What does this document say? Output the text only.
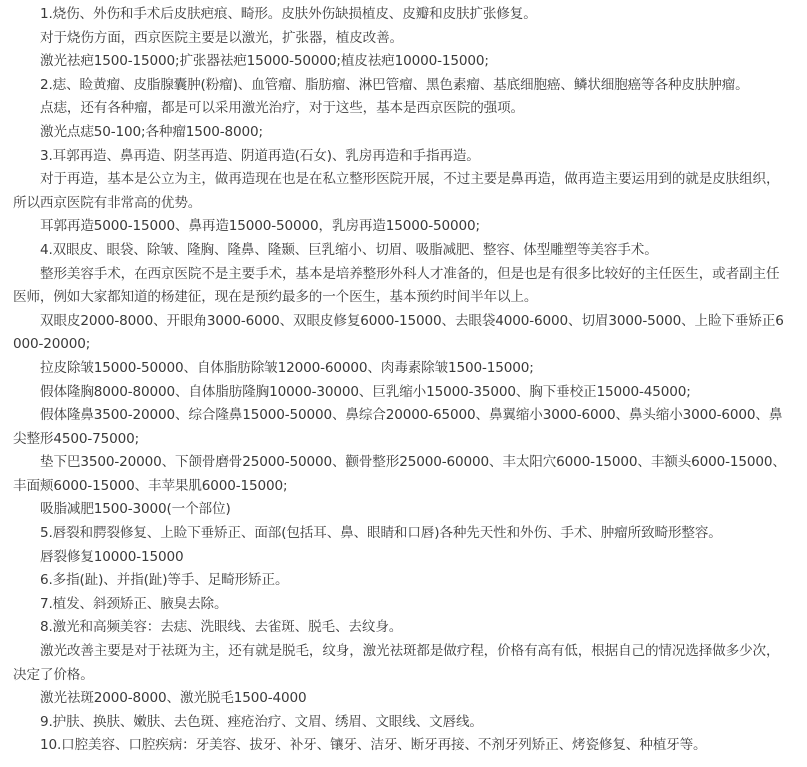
1.烧伤、外伤和手术后皮肤疤痕、畸形。皮肤外伤缺损植皮、皮瓣和皮肤扩张修复。

对于烧伤方面，西京医院主要是以激光，扩张器，植皮改善。

激光祛疤1500-15000;扩张器祛疤15000-50000;植皮祛疤10000-15000;

2.痣、睑黄瘤、皮脂腺囊肿(粉瘤)、血管瘤、脂肪瘤、淋巴管瘤、黑色素瘤、基底细胞癌、鳞状细胞癌等各种皮肤肿瘤。

点痣，还有各种瘤，都是可以采用激光治疗，对于这些，基本是西京医院的强项。

激光点痣50-100;各种瘤1500-8000;

3.耳郭再造、鼻再造、阴茎再造、阴道再造(石女)、乳房再造和手指再造。

对于再造，基本是公立为主，做再造现在也是在私立整形医院开展，不过主要是鼻再造，做再造主要运用到的就是皮肤组织，所以西京医院有非常高的优势。

耳郭再造5000-15000、鼻再造15000-50000，乳房再造15000-50000;

4.双眼皮、眼袋、除皱、隆胸、隆鼻、隆颞、巨乳缩小、切眉、吸脂减肥、整容、体型雕塑等美容手术。

整形美容手术，在西京医院不是主要手术，基本是培养整形外科人才准备的，但是也是有很多比较好的主任医生，或者副主任医师，例如大家都知道的杨建征，现在是预约最多的一个医生，基本预约时间半年以上。

双眼皮2000-8000、开眼角3000-6000、双眼皮修复6000-15000、去眼袋4000-6000、切眉3000-5000、上睑下垂矫正6000-20000;

拉皮除皱15000-50000、自体脂肪除皱12000-60000、肉毒素除皱1500-15000;

假体隆胸8000-80000、自体脂肪隆胸10000-30000、巨乳缩小15000-35000、胸下垂校正15000-45000;

假体隆鼻3500-20000、综合隆鼻15000-50000、鼻综合20000-65000、鼻翼缩小3000-6000、鼻头缩小3000-6000、鼻尖整形4500-75000;

垫下巴3500-20000、下颌骨磨骨25000-50000、颧骨整形25000-60000、丰太阳穴6000-15000、丰额头6000-15000、丰面颊6000-15000、丰苹果肌6000-15000;

吸脂减肥1500-3000(一个部位)

5.唇裂和腭裂修复、上睑下垂矫正、面部(包括耳、鼻、眼睛和口唇)各种先天性和外伤、手术、肿瘤所致畸形整容。

唇裂修复10000-15000

6.多指(趾)、并指(趾)等手、足畸形矫正。

7.植发、斜颈矫正、腋臭去除。

8.激光和高频美容：去痣、洗眼线、去雀斑、脱毛、去纹身。

激光改善主要是对于祛斑为主，还有就是脱毛，纹身，激光祛斑都是做疗程，价格有高有低，根据自己的情况选择做多少次，决定了价格。

激光祛斑2000-8000、激光脱毛1500-4000

9.护肤、换肤、嫩肤、去色斑、痤疮治疗、文眉、绣眉、文眼线、文唇线。

10.口腔美容、口腔疾病：牙美容、拔牙、补牙、镶牙、洁牙、断牙再接、不剂牙列矫正、烤瓷修复、种植牙等。
